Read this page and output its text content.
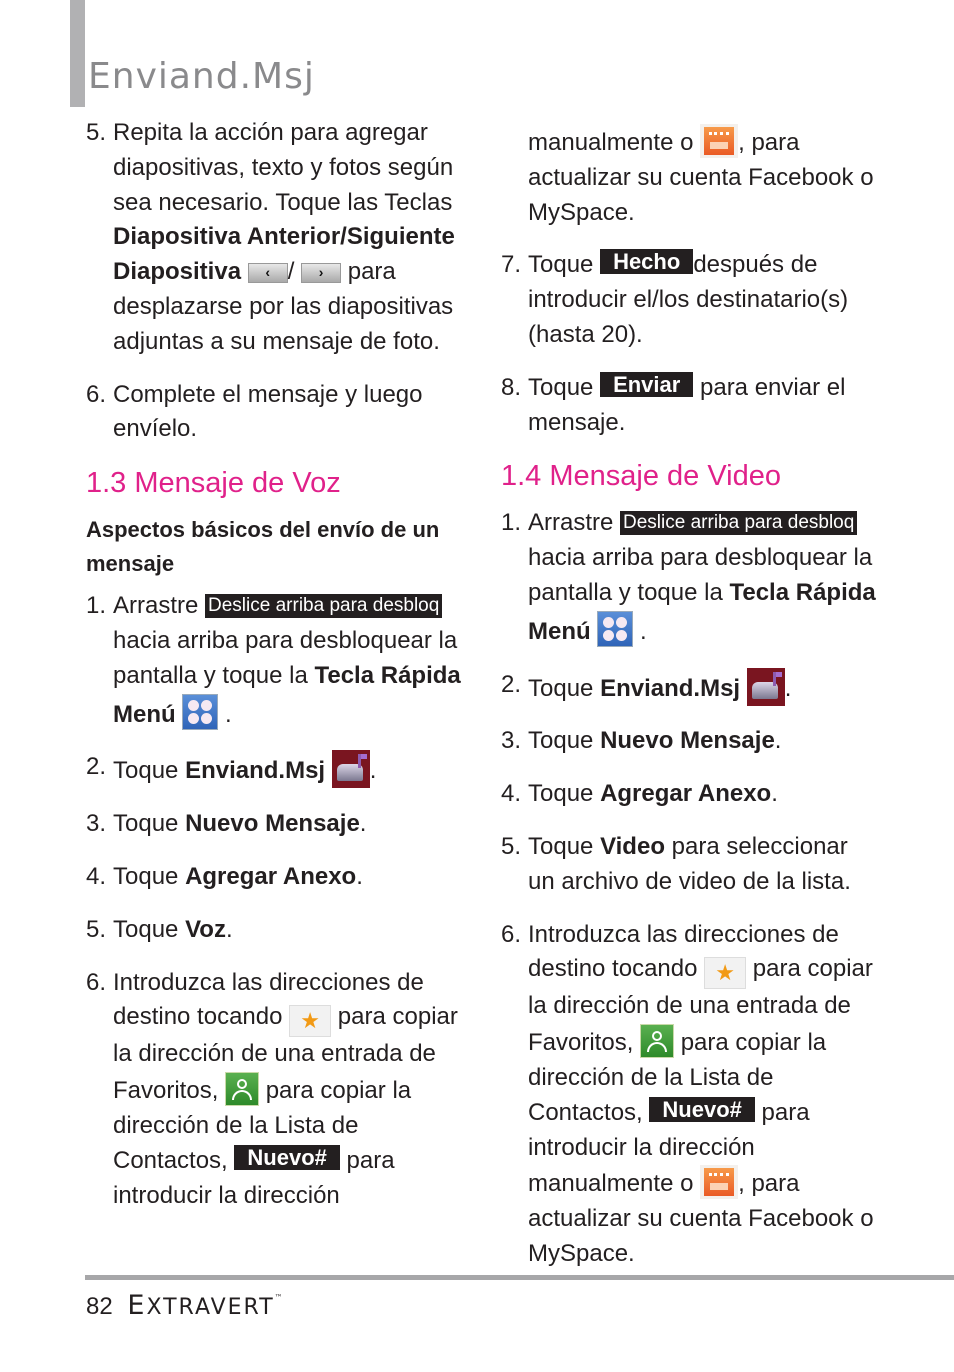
Enviand.Msj
5. Repita la acción para agregar diapositivas, texto y fotos según sea necesario. Toque las Teclas Diapositiva Anterior/Siguiente Diapositiva ‹ / › para desplazarse por las diapositivas adjuntas a su mensaje de foto.
6. Complete el mensaje y luego envíelo.
1.3 Mensaje de Voz
Aspectos básicos del envío de un mensaje
1. Arrastre Deslice arriba para desbloq hacia arriba para desbloquear la pantalla y toque la Tecla Rápida Menú
.
2. Toque Enviand.Msj .
3. Toque Nuevo Mensaje.
4. Toque Agregar Anexo.
5. Toque Voz.
6. Introduzca las direcciones de destino tocando ★ para copiar la dirección de una entrada de Favoritos,
para copiar la dirección de la Lista de Contactos, Nuevo# para introducir la dirección
manualmente o
, para actualizar su cuenta Facebook o MySpace.
7. Toque Hecho después de introducir el/los destinatario(s) (hasta 20).
8. Toque Enviar para enviar el mensaje.
1.4 Mensaje de Video
1. Arrastre Deslice arriba para desbloq hacia arriba para desbloquear la pantalla y toque la Tecla Rápida Menú
.
2. Toque Enviand.Msj .
3. Toque Nuevo Mensaje.
4. Toque Agregar Anexo.
5. Toque Video para seleccionar un archivo de video de la lista.
6. Introduzca las direcciones de destino tocando ★ para copiar la dirección de una entrada de Favoritos,
para copiar la dirección de la Lista de Contactos, Nuevo# para introducir la dirección manualmente o
, para actualizar su cuenta Facebook o MySpace.
82 EXTRAVERT™
